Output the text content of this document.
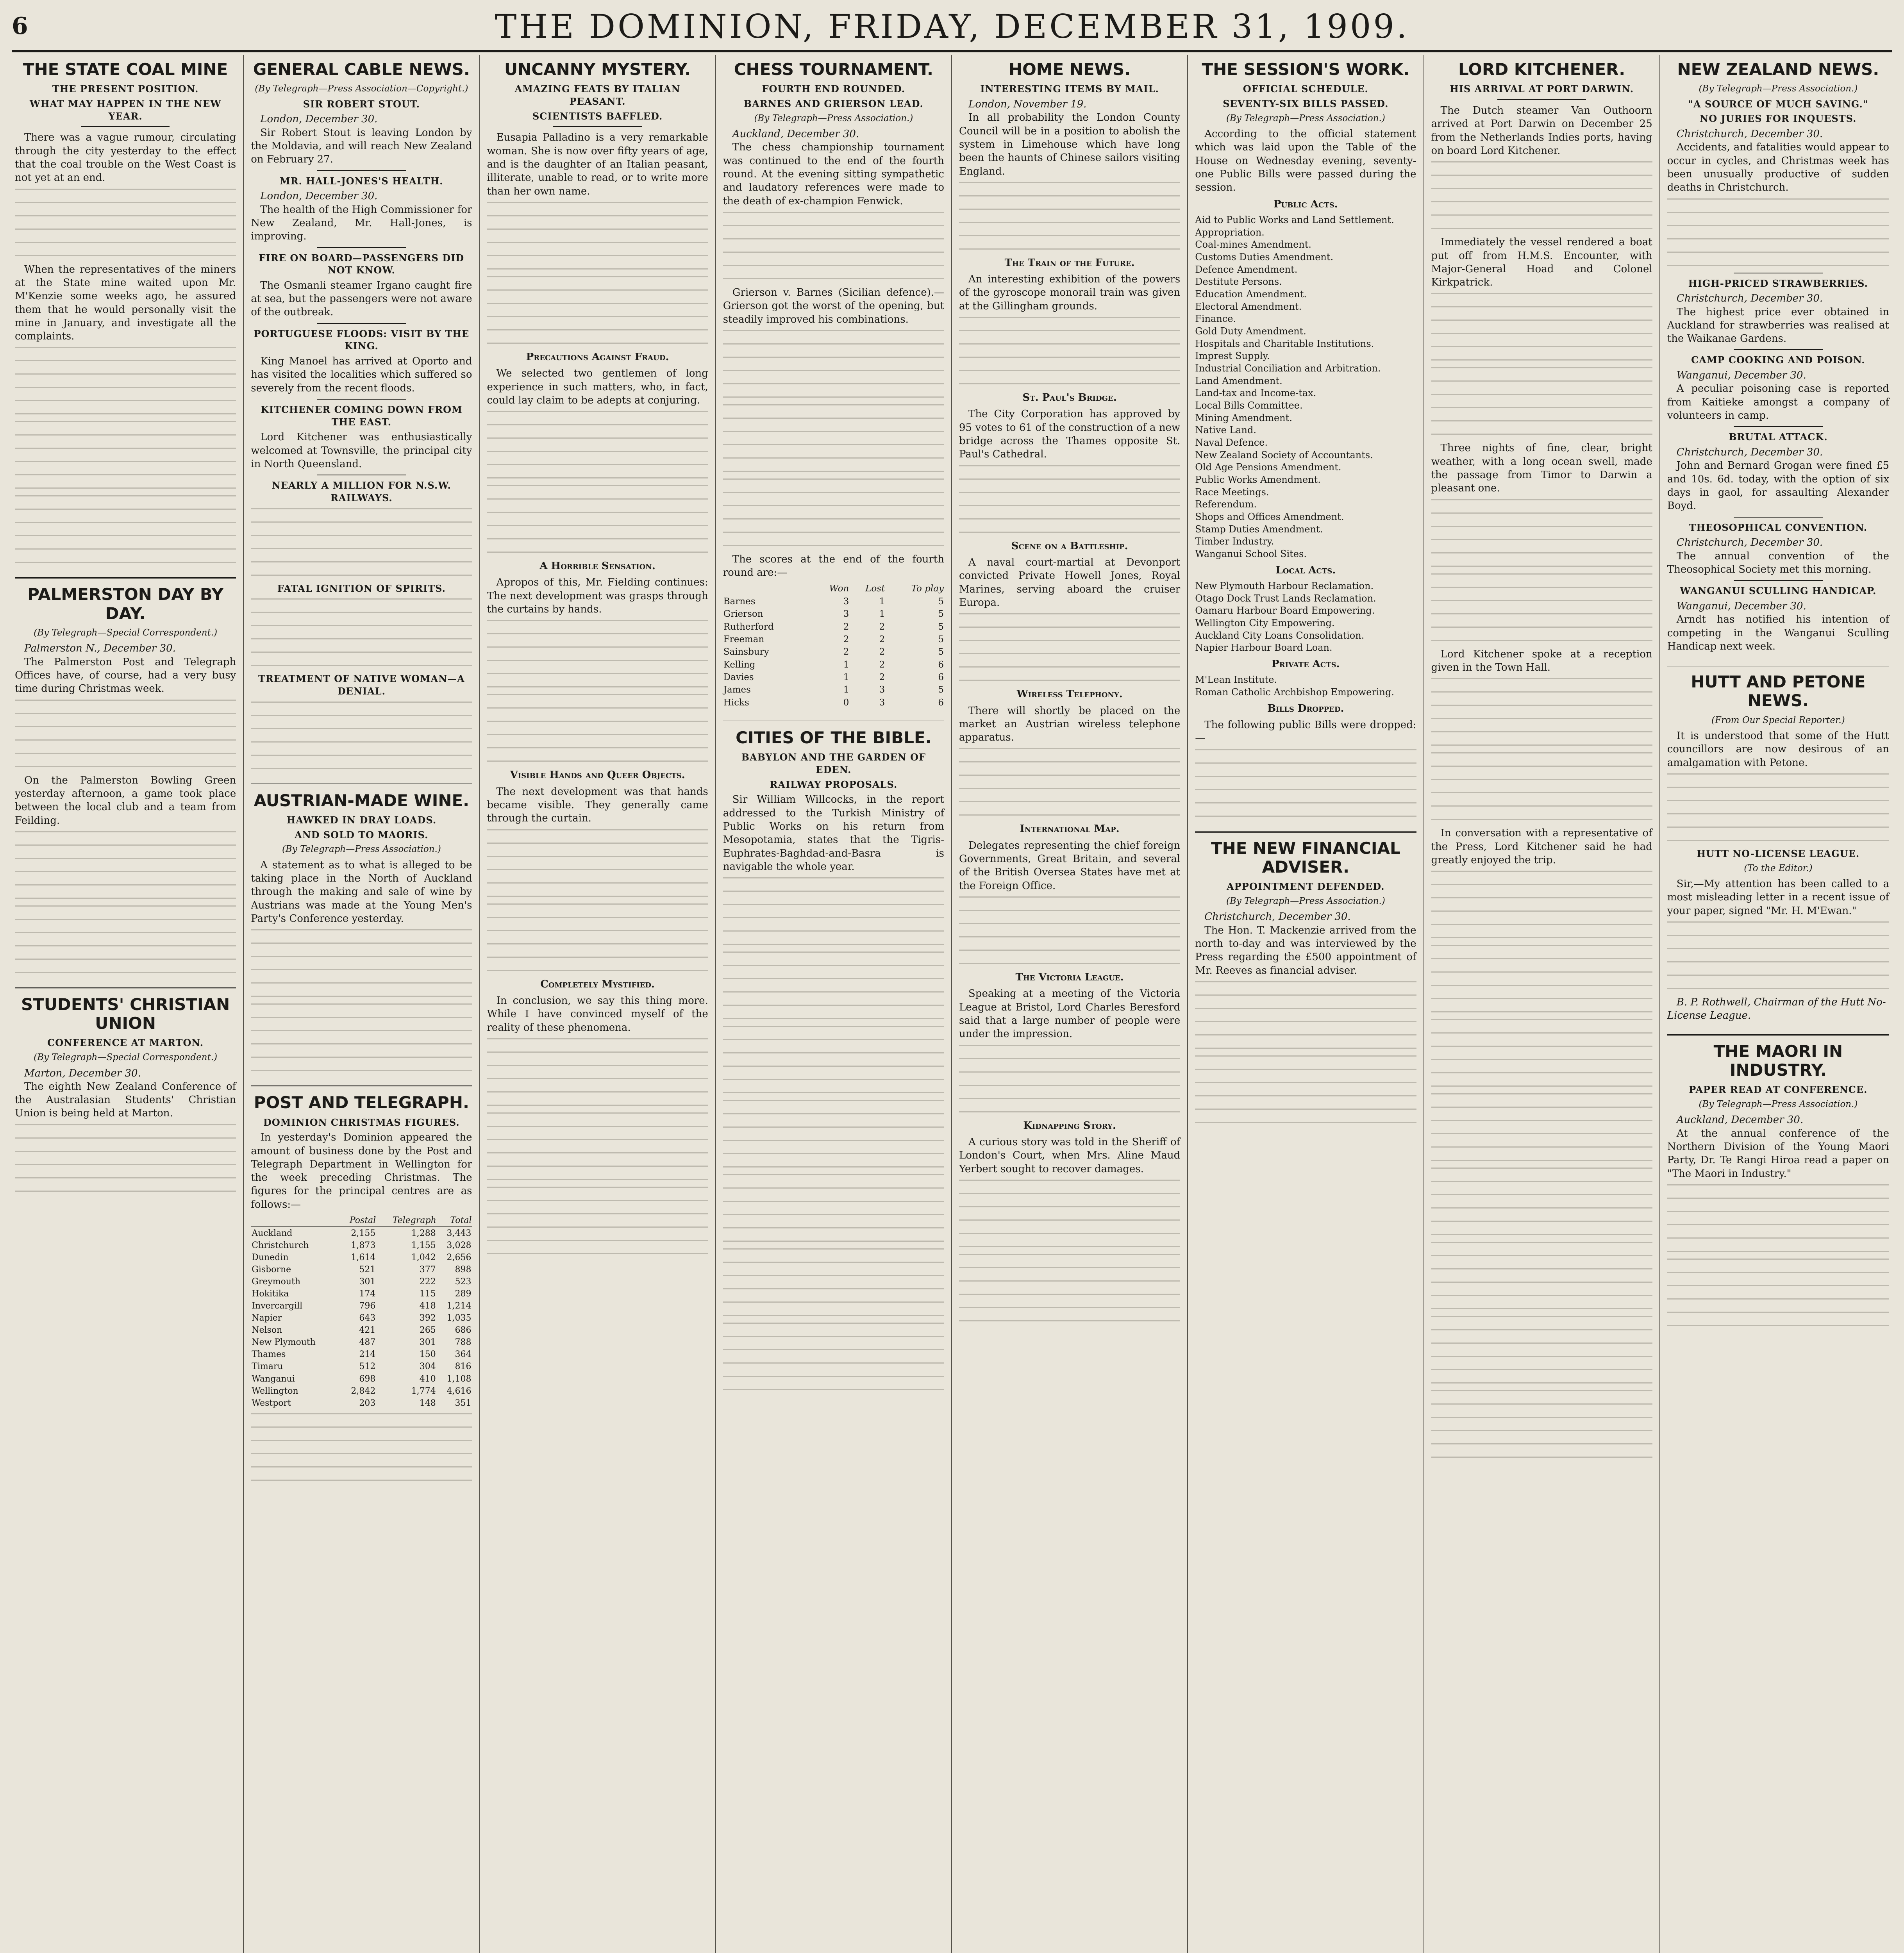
6	THE DOMINION, FRIDAY, DECEMBER 31, 1909.
THE STATE COAL MINE
THE PRESENT POSITION.
WHAT MAY HAPPEN IN THE NEW YEAR.

There was a vague rumour, circulating through the city yesterday to the effect that the coal trouble on the West Coast is not yet at an end.

When the representatives of the miners at the State mine waited upon Mr. M'Kenzie some weeks ago, he assured them that he would personally visit the mine in January, and investigate all the complaints.

PALMERSTON DAY BY DAY.
(By Telegraph—Special Correspondent.)

Palmerston N., December 30.

The Palmerston Post and Telegraph Offices have, of course, had a very busy time during Christmas week.

On the Palmerston Bowling Green yesterday afternoon, a game took place between the local club and a team from Feilding.

STUDENTS' CHRISTIAN UNION
CONFERENCE AT MARTON.
(By Telegraph—Special Correspondent.)

Marton, December 30.

The eighth New Zealand Conference of the Australasian Students' Christian Union is being held at Marton.

GENERAL CABLE NEWS.
(By Telegraph—Press Association—Copyright.)
SIR ROBERT STOUT.

London, December 30.

Sir Robert Stout is leaving London by the Moldavia, and will reach New Zealand on February 27.

MR. HALL-JONES'S HEALTH.

London, December 30.

The health of the High Commissioner for New Zealand, Mr. Hall-Jones, is improving.

FIRE ON BOARD—PASSENGERS DID NOT KNOW.

The Osmanli steamer Irgano caught fire at sea, but the passengers were not aware of the outbreak.

PORTUGUESE FLOODS: VISIT BY THE KING.

King Manoel has arrived at Oporto and has visited the localities which suffered so severely from the recent floods.

KITCHENER COMING DOWN FROM THE EAST.

Lord Kitchener was enthusiastically welcomed at Townsville, the principal city in North Queensland.

NEARLY A MILLION FOR N.S.W. RAILWAYS.
FATAL IGNITION OF SPIRITS.
TREATMENT OF NATIVE WOMAN—A DENIAL.
AUSTRIAN-MADE WINE.
HAWKED IN DRAY LOADS.
AND SOLD TO MAORIS.
(By Telegraph—Press Association.)

A statement as to what is alleged to be taking place in the North of Auckland through the making and sale of wine by Austrians was made at the Young Men's Party's Conference yesterday.

POST AND TELEGRAPH.
DOMINION CHRISTMAS FIGURES.

In yesterday's Dominion appeared the amount of business done by the Post and Telegraph Department in Wellington for the week preceding Christmas. The figures for the principal centres are as follows:—

	Postal	Telegraph	Total
Auckland	2,155	1,288	3,443
Christchurch	1,873	1,155	3,028
Dunedin	1,614	1,042	2,656
Gisborne	521	377	898
Greymouth	301	222	523
Hokitika	174	115	289
Invercargill	796	418	1,214
Napier	643	392	1,035
Nelson	421	265	686
New Plymouth	487	301	788
Thames	214	150	364
Timaru	512	304	816
Wanganui	698	410	1,108
Wellington	2,842	1,774	4,616
Westport	203	148	351
UNCANNY MYSTERY.
AMAZING FEATS BY ITALIAN PEASANT.
SCIENTISTS BAFFLED.

Eusapia Palladino is a very remarkable woman. She is now over fifty years of age, and is the daughter of an Italian peasant, illiterate, unable to read, or to write more than her own name.

Precautions Against Fraud.

We selected two gentlemen of long experience in such matters, who, in fact, could lay claim to be adepts at conjuring.

A Horrible Sensation.

Apropos of this, Mr. Fielding continues: The next development was grasps through the curtains by hands.

Visible Hands and Queer Objects.

The next development was that hands became visible. They generally came through the curtain.

Completely Mystified.

In conclusion, we say this thing more. While I have convinced myself of the reality of these phenomena.

CHESS TOURNAMENT.
FOURTH END ROUNDED.
BARNES AND GRIERSON LEAD.
(By Telegraph—Press Association.)

Auckland, December 30.

The chess championship tournament was continued to the end of the fourth round. At the evening sitting sympathetic and laudatory references were made to the death of ex-champion Fenwick.

Grierson v. Barnes (Sicilian defence).—Grierson got the worst of the opening, but steadily improved his combinations.

The scores at the end of the fourth round are:—

	Won	Lost	To play
Barnes	3	1	5
Grierson	3	1	5
Rutherford	2	2	5
Freeman	2	2	5
Sainsbury	2	2	5
Kelling	1	2	6
Davies	1	2	6
James	1	3	5
Hicks	0	3	6
CITIES OF THE BIBLE.
BABYLON AND THE GARDEN OF EDEN.
RAILWAY PROPOSALS.

Sir William Willcocks, in the report addressed to the Turkish Ministry of Public Works on his return from Mesopotamia, states that the Tigris-Euphrates-Baghdad-and-Basra is navigable the whole year.

HOME NEWS.
INTERESTING ITEMS BY MAIL.

London, November 19.

In all probability the London County Council will be in a position to abolish the system in Limehouse which have long been the haunts of Chinese sailors visiting England.

The Train of the Future.

An interesting exhibition of the powers of the gyroscope monorail train was given at the Gillingham grounds.

St. Paul's Bridge.

The City Corporation has approved by 95 votes to 61 of the construction of a new bridge across the Thames opposite St. Paul's Cathedral.

Scene on a Battleship.

A naval court-martial at Devonport convicted Private Howell Jones, Royal Marines, serving aboard the cruiser Europa.

Wireless Telephony.

There will shortly be placed on the market an Austrian wireless telephone apparatus.

International Map.

Delegates representing the chief foreign Governments, Great Britain, and several of the British Oversea States have met at the Foreign Office.

The Victoria League.

Speaking at a meeting of the Victoria League at Bristol, Lord Charles Beresford said that a large number of people were under the impression.

Kidnapping Story.

A curious story was told in the Sheriff of London's Court, when Mrs. Aline Maud Yerbert sought to recover damages.

THE SESSION'S WORK.
OFFICIAL SCHEDULE.
SEVENTY-SIX BILLS PASSED.
(By Telegraph—Press Association.)

According to the official statement which was laid upon the Table of the House on Wednesday evening, seventy-one Public Bills were passed during the session.

Public Acts.
Aid to Public Works and Land Settlement.
Appropriation.
Coal-mines Amendment.
Customs Duties Amendment.
Defence Amendment.
Destitute Persons.
Education Amendment.
Electoral Amendment.
Finance.
Gold Duty Amendment.
Hospitals and Charitable Institutions.
Imprest Supply.
Industrial Conciliation and Arbitration.
Land Amendment.
Land-tax and Income-tax.
Local Bills Committee.
Mining Amendment.
Native Land.
Naval Defence.
New Zealand Society of Accountants.
Old Age Pensions Amendment.
Public Works Amendment.
Race Meetings.
Referendum.
Shops and Offices Amendment.
Stamp Duties Amendment.
Timber Industry.
Wanganui School Sites.
Local Acts.
New Plymouth Harbour Reclamation.
Otago Dock Trust Lands Reclamation.
Oamaru Harbour Board Empowering.
Wellington City Empowering.
Auckland City Loans Consolidation.
Napier Harbour Board Loan.
Private Acts.
M'Lean Institute.
Roman Catholic Archbishop Empowering.
Bills Dropped.

The following public Bills were dropped:—

THE NEW FINANCIAL ADVISER.
APPOINTMENT DEFENDED.
(By Telegraph—Press Association.)

Christchurch, December 30.

The Hon. T. Mackenzie arrived from the north to-day and was interviewed by the Press regarding the £500 appointment of Mr. Reeves as financial adviser.

LORD KITCHENER.
HIS ARRIVAL AT PORT DARWIN.

The Dutch steamer Van Outhoorn arrived at Port Darwin on December 25 from the Netherlands Indies ports, having on board Lord Kitchener.

Immediately the vessel rendered a boat put off from H.M.S. Encounter, with Major-General Hoad and Colonel Kirkpatrick.

Three nights of fine, clear, bright weather, with a long ocean swell, made the passage from Timor to Darwin a pleasant one.

Lord Kitchener spoke at a reception given in the Town Hall.

In conversation with a representative of the Press, Lord Kitchener said he had greatly enjoyed the trip.

NEW ZEALAND NEWS.
(By Telegraph—Press Association.)
"A SOURCE OF MUCH SAVING."
NO JURIES FOR INQUESTS.

Christchurch, December 30.

Accidents, and fatalities would appear to occur in cycles, and Christmas week has been unusually productive of sudden deaths in Christchurch.

HIGH-PRICED STRAWBERRIES.

Christchurch, December 30.

The highest price ever obtained in Auckland for strawberries was realised at the Waikanae Gardens.

CAMP COOKING AND POISON.

Wanganui, December 30.

A peculiar poisoning case is reported from Kaitieke amongst a company of volunteers in camp.

BRUTAL ATTACK.

Christchurch, December 30.

John and Bernard Grogan were fined £5 and 10s. 6d. today, with the option of six days in gaol, for assaulting Alexander Boyd.

THEOSOPHICAL CONVENTION.

Christchurch, December 30.

The annual convention of the Theosophical Society met this morning.

WANGANUI SCULLING HANDICAP.

Wanganui, December 30.

Arndt has notified his intention of competing in the Wanganui Sculling Handicap next week.

HUTT AND PETONE NEWS.
(From Our Special Reporter.)

It is understood that some of the Hutt councillors are now desirous of an amalgamation with Petone.

HUTT NO-LICENSE LEAGUE.
(To the Editor.)

Sir,—My attention has been called to a most misleading letter in a recent issue of your paper, signed "Mr. H. M'Ewan."

B. P. Rothwell, Chairman of the Hutt No-License League.

THE MAORI IN INDUSTRY.
PAPER READ AT CONFERENCE.
(By Telegraph—Press Association.)

Auckland, December 30.

At the annual conference of the Northern Division of the Young Maori Party, Dr. Te Rangi Hiroa read a paper on "The Maori in Industry."
